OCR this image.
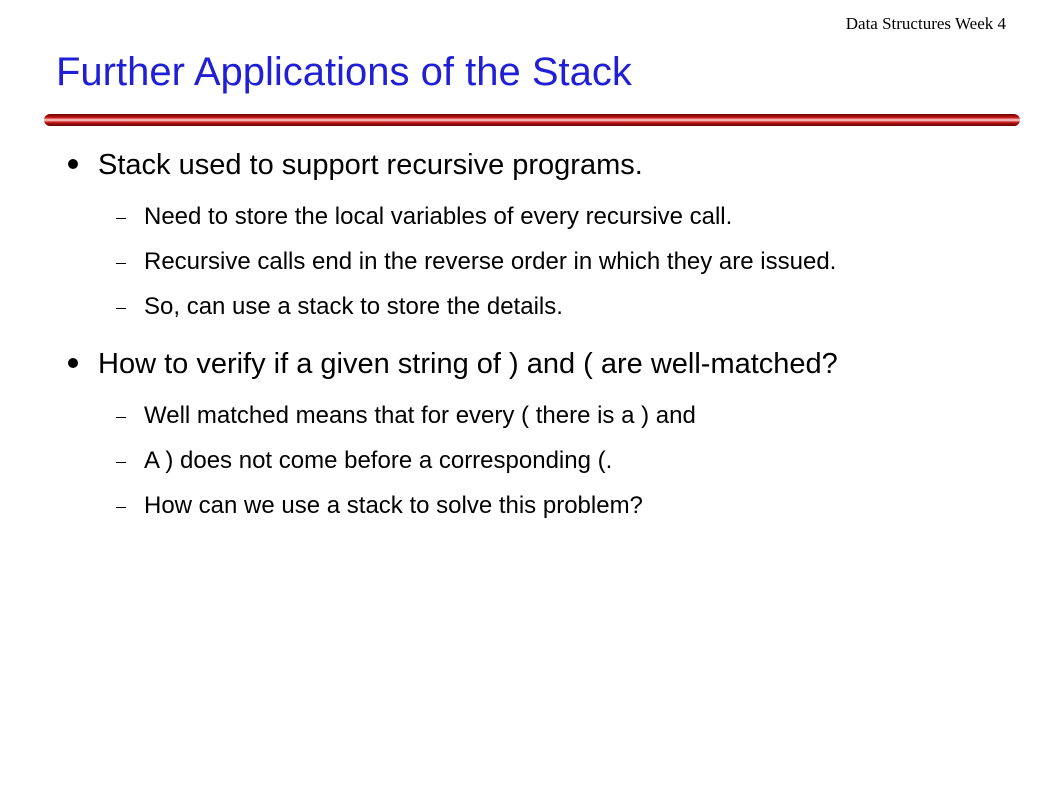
Data Structures Week 4
Further Applications of the Stack
Stack used to support recursive programs.
Need to store the local variables of every recursive call.
Recursive calls end in the reverse order in which they are issued.
So, can use a stack to store the details.
How to verify if a given string of ) and ( are well-matched?
Well matched means that for every ( there is a ) and
A ) does not come before a corresponding (.
How can we use a stack to solve this problem?
